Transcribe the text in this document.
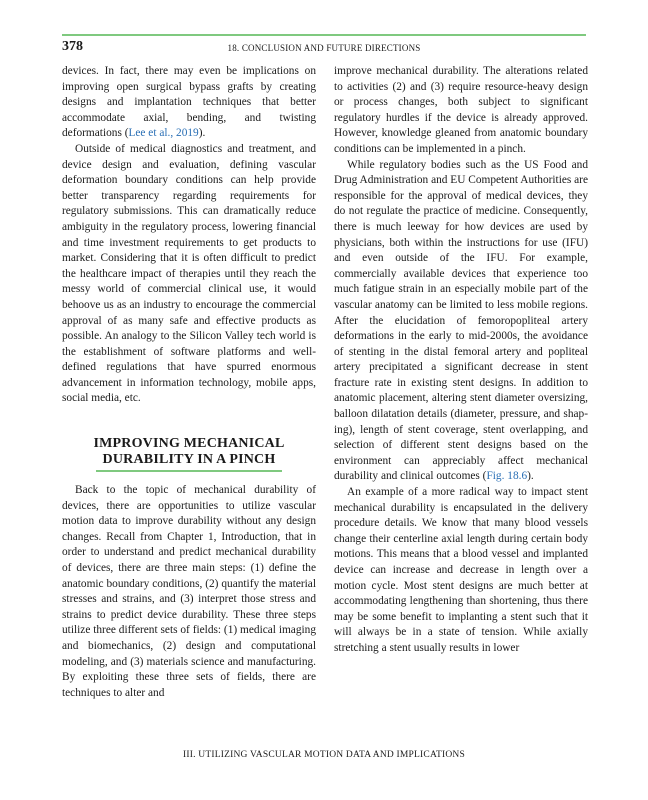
378	18. CONCLUSION AND FUTURE DIRECTIONS

devices. In fact, there may even be implications on improving open surgical bypass grafts by creating designs and implantation techniques that better accommodate axial, bending, and twisting deformations (Lee et al., 2019).

Outside of medical diagnostics and treatment, and device design and evaluation, defining vascular deformation boundary conditions can help provide better transparency regarding requirements for regulatory submissions. This can dramatically reduce ambiguity in the regulatory process, lowering financial and time investment requirements to get products to market. Considering that it is often difficult to predict the healthcare impact of therapies until they reach the messy world of commercial clinical use, it would behoove us as an industry to encourage the commercial approval of as many safe and effective products as possible. An analogy to the Silicon Valley tech world is the establishment of software platforms and well-defined regulations that have spurred enormous advancement in information technology, mobile apps, social media, etc.

IMPROVING MECHANICAL
DURABILITY IN A PINCH

Back to the topic of mechanical durability of devices, there are opportunities to utilize vascular motion data to improve durability without any design changes. Recall from Chapter 1, Introduction, that in order to understand and predict mechanical durability of devices, there are three main steps: (1) define the anatomic boundary conditions, (2) quantify the material stresses and strains, and (3) interpret those stress and strains to predict device durability. These three steps utilize three different sets of fields: (1) medical imaging and biomechanics, (2) design and computational modeling, and (3) materials science and manufacturing. By exploiting these three sets of fields, there are techniques to alter and

improve mechanical durability. The alterations related to activities (2) and (3) require resource-heavy design or process changes, both subject to significant regulatory hurdles if the device is already approved. However, knowledge gleaned from anatomic boundary conditions can be implemented in a pinch.

While regulatory bodies such as the US Food and Drug Administration and EU Competent Authorities are responsible for the approval of medical devices, they do not regulate the practice of medicine. Consequently, there is much leeway for how devices are used by physicians, both within the instructions for use (IFU) and even outside of the IFU. For example, commercially available devices that experience too much fatigue strain in an especially mobile part of the vascular anatomy can be limited to less mobile regions. After the elucidation of femoropopliteal artery deformations in the early to mid-2000s, the avoidance of stenting in the distal femoral artery and popliteal artery precipitated a significant decrease in stent fracture rate in existing stent designs. In addition to anatomic placement, altering stent diameter oversizing, balloon dilatation details (diameter, pressure, and shaping), length of stent coverage, stent overlapping, and selection of different stent designs based on the environment can appreciably affect mechanical durability and clinical outcomes (Fig. 18.6).

An example of a more radical way to impact stent mechanical durability is encapsulated in the delivery procedure details. We know that many blood vessels change their centerline axial length during certain body motions. This means that a blood vessel and implanted device can increase and decrease in length over a motion cycle. Most stent designs are much better at accommodating lengthening than shortening, thus there may be some benefit to implanting a stent such that it will always be in a state of tension. While axially stretching a stent usually results in lower

III. UTILIZING VASCULAR MOTION DATA AND IMPLICATIONS
